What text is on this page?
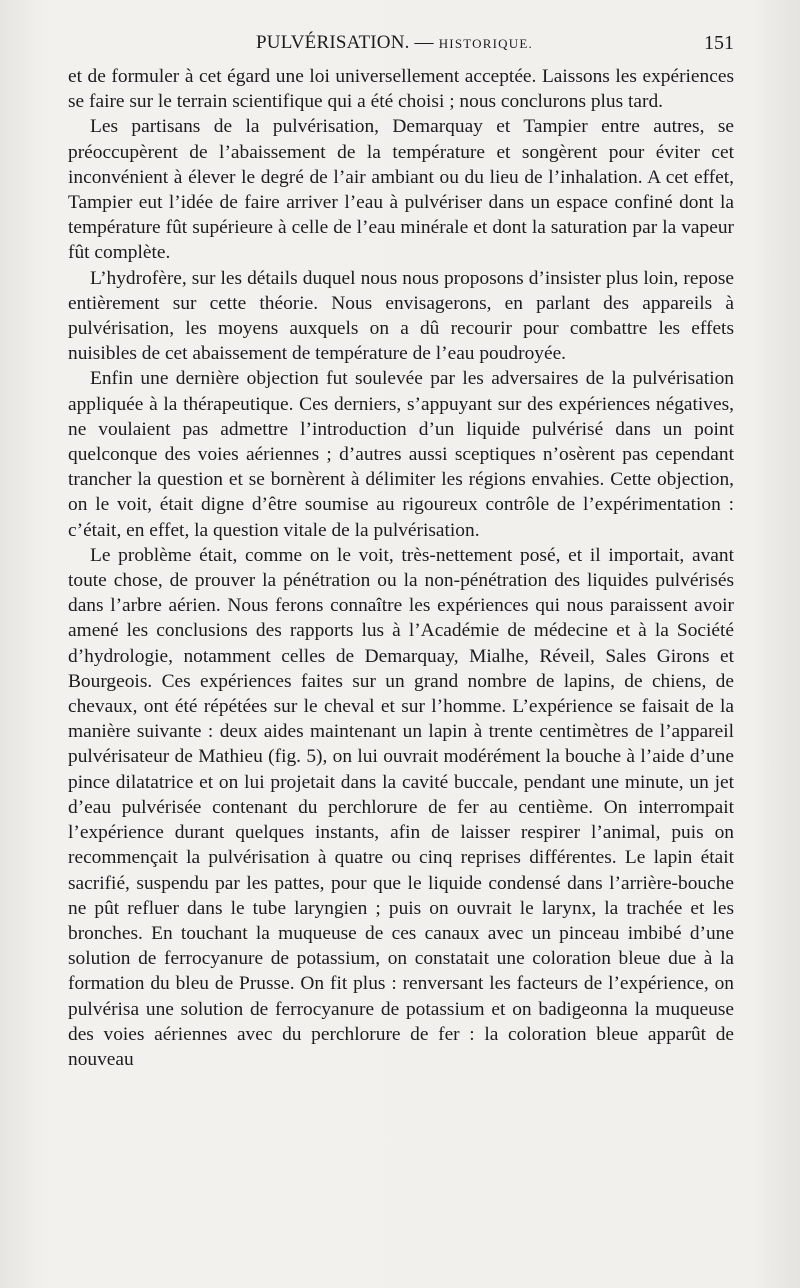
PULVÉRISATION. — HISTORIQUE.	151

et de formuler à cet égard une loi universellement acceptée. Laissons les expériences se faire sur le terrain scientifique qui a été choisi ; nous conclurons plus tard.

Les partisans de la pulvérisation, Demarquay et Tampier entre autres, se préoccupèrent de l’abaissement de la température et songèrent pour éviter cet inconvénient à élever le degré de l’air ambiant ou du lieu de l’inhalation. A cet effet, Tampier eut l’idée de faire arriver l’eau à pulvériser dans un espace confiné dont la température fût supérieure à celle de l’eau minérale et dont la saturation par la vapeur fût complète.

L’hydrofère, sur les détails duquel nous nous proposons d’insister plus loin, repose entièrement sur cette théorie. Nous envisagerons, en parlant des appareils à pulvérisation, les moyens auxquels on a dû recourir pour combattre les effets nuisibles de cet abaissement de température de l’eau poudroyée.

Enfin une dernière objection fut soulevée par les adversaires de la pulvérisation appliquée à la thérapeutique. Ces derniers, s’appuyant sur des expériences négatives, ne voulaient pas admettre l’introduction d’un liquide pulvérisé dans un point quelconque des voies aériennes ; d’autres aussi sceptiques n’osèrent pas cependant trancher la question et se bornèrent à délimiter les régions envahies. Cette objection, on le voit, était digne d’être soumise au rigoureux contrôle de l’expérimentation : c’était, en effet, la question vitale de la pulvérisation.

Le problème était, comme on le voit, très-nettement posé, et il importait, avant toute chose, de prouver la pénétration ou la non-pénétration des liquides pulvérisés dans l’arbre aérien. Nous ferons connaître les expériences qui nous paraissent avoir amené les conclusions des rapports lus à l’Académie de médecine et à la Société d’hydrologie, notamment celles de Demarquay, Mialhe, Réveil, Sales Girons et Bourgeois. Ces expériences faites sur un grand nombre de lapins, de chiens, de chevaux, ont été répétées sur le cheval et sur l’homme. L’expérience se faisait de la manière suivante : deux aides maintenant un lapin à trente centimètres de l’appareil pulvérisateur de Mathieu (fig. 5), on lui ouvrait modérément la bouche à l’aide d’une pince dilatatrice et on lui projetait dans la cavité buccale, pendant une minute, un jet d’eau pulvérisée contenant du perchlorure de fer au centième. On interrompait l’expérience durant quelques instants, afin de laisser respirer l’animal, puis on recommençait la pulvérisation à quatre ou cinq reprises différentes. Le lapin était sacrifié, suspendu par les pattes, pour que le liquide condensé dans l’arrière-bouche ne pût refluer dans le tube laryngien ; puis on ouvrait le larynx, la trachée et les bronches. En touchant la muqueuse de ces canaux avec un pinceau imbibé d’une solution de ferrocyanure de potassium, on constatait une coloration bleue due à la formation du bleu de Prusse. On fit plus : renversant les facteurs de l’expérience, on pulvérisa une solution de ferrocyanure de potassium et on badigeonna la muqueuse des voies aériennes avec du perchlorure de fer : la coloration bleue apparût de nouveau
